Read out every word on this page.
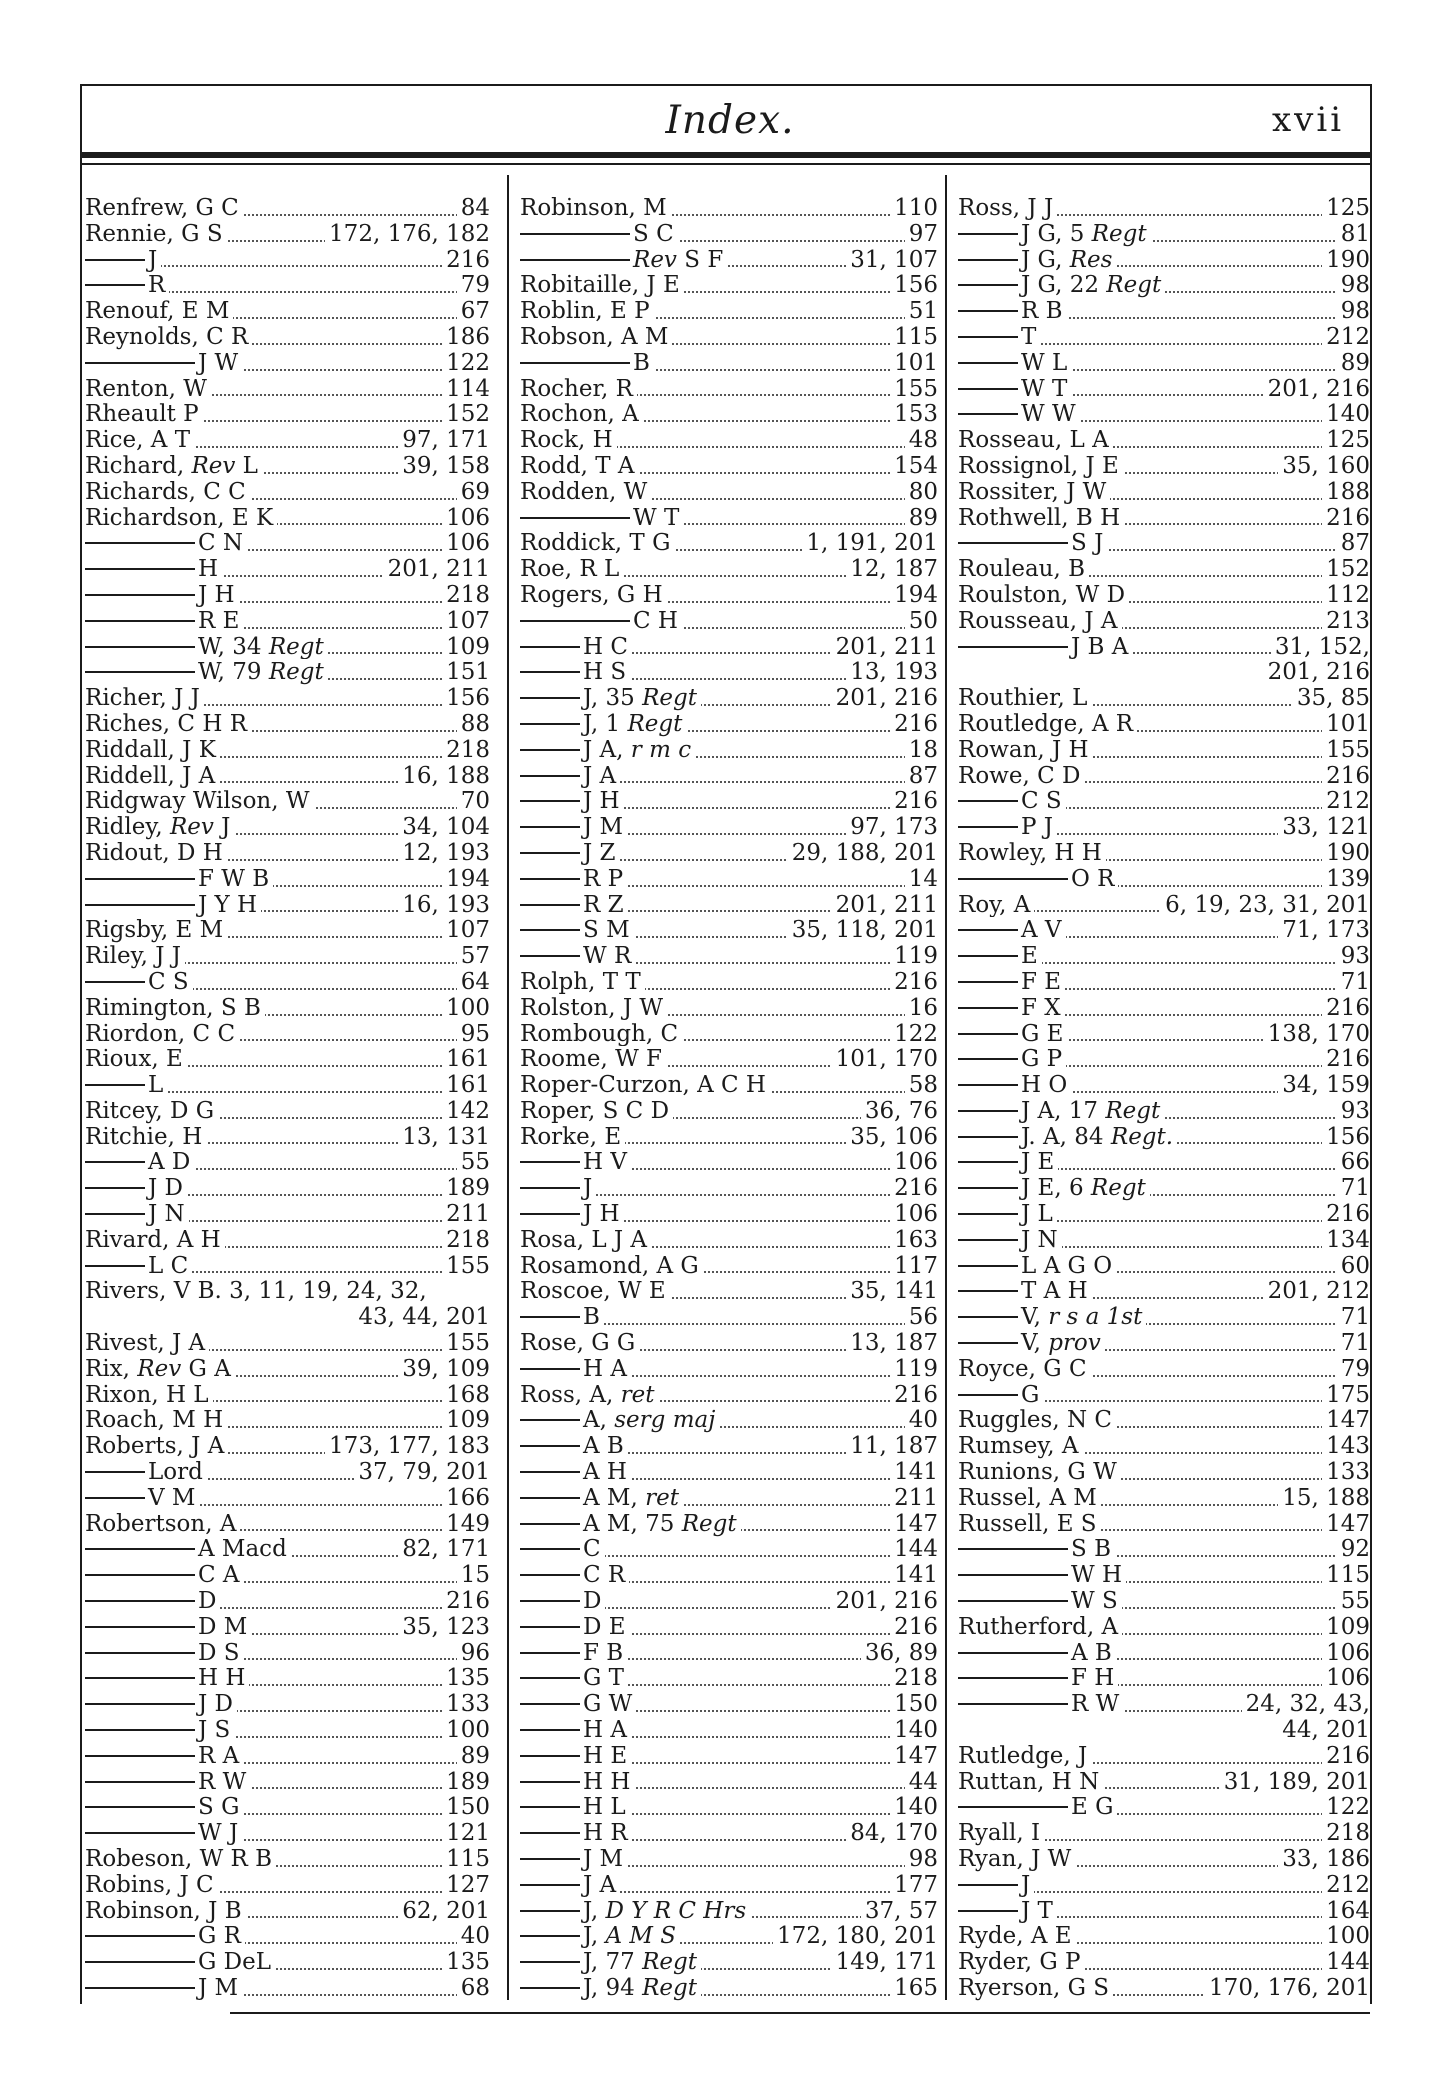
Index.	xvii
Renfrew, G C	84
Rennie, G S	172, 176, 182
J	216
R	79
Renouf, E M	67
Reynolds, C R	186
J W	122
Renton, W	114
Rheault P	152
Rice, A T	97, 171
Richard, Rev L	39, 158
Richards, C C	69
Richardson, E K	106
C N	106
H	201, 211
J H	218
R E	107
W, 34 Regt	109
W, 79 Regt	151
Richer, J J	156
Riches, C H R	88
Riddall, J K	218
Riddell, J A	16, 188
Ridgway Wilson, W	70
Ridley, Rev J	34, 104
Ridout, D H	12, 193
F W B	194
J Y H	16, 193
Rigsby, E M	107
Riley, J J	57
C S	64
Rimington, S B	100
Riordon, C C	95
Rioux, E	161
L	161
Ritcey, D G	142
Ritchie, H	13, 131
A D	55
J D	189
J N	211
Rivard, A H	218
L C	155
Rivers, V B. 3, 11, 19, 24, 32,
43, 44, 201
Rivest, J A	155
Rix, Rev G A	39, 109
Rixon, H L	168
Roach, M H	109
Roberts, J A	173, 177, 183
Lord	37, 79, 201
V M	166
Robertson, A	149
A Macd	82, 171
C A	15
D	216
D M	35, 123
D S	96
H H	135
J D	133
J S	100
R A	89
R W	189
S G	150
W J	121
Robeson, W R B	115
Robins, J C	127
Robinson, J B	62, 201
G R	40
G DeL	135
J M	68
Robinson, M	110
S C	97
Rev S F	31, 107
Robitaille, J E	156
Roblin, E P	51
Robson, A M	115
B	101
Rocher, R	155
Rochon, A	153
Rock, H	48
Rodd, T A	154
Rodden, W	80
W T	89
Roddick, T G	1, 191, 201
Roe, R L	12, 187
Rogers, G H	194
C H	50
H C	201, 211
H S	13, 193
J, 35 Regt	201, 216
J, 1 Regt	216
J A, r m c	18
J A	87
J H	216
J M	97, 173
J Z	29, 188, 201
R P	14
R Z	201, 211
S M	35, 118, 201
W R	119
Rolph, T T	216
Rolston, J W	16
Rombough, C	122
Roome, W F	101, 170
Roper-Curzon, A C H	58
Roper, S C D	36, 76
Rorke, E	35, 106
H V	106
J	216
J H	106
Rosa, L J A	163
Rosamond, A G	117
Roscoe, W E	35, 141
B	56
Rose, G G	13, 187
H A	119
Ross, A, ret	216
A, serg maj	40
A B	11, 187
A H	141
A M, ret	211
A M, 75 Regt	147
C	144
C R	141
D	201, 216
D E	216
F B	36, 89
G T	218
G W	150
H A	140
H E	147
H H	44
H L	140
H R	84, 170
J M	98
J A	177
J, D Y R C Hrs	37, 57
J, A M S	172, 180, 201
J, 77 Regt	149, 171
J, 94 Regt	165
Ross, J J	125
J G, 5 Regt	81
J G, Res	190
J G, 22 Regt	98
R B	98
T	212
W L	89
W T	201, 216
W W	140
Rosseau, L A	125
Rossignol, J E	35, 160
Rossiter, J W	188
Rothwell, B H	216
S J	87
Rouleau, B	152
Roulston, W D	112
Rousseau, J A	213
J B A	31, 152,
201, 216
Routhier, L	35, 85
Routledge, A R	101
Rowan, J H	155
Rowe, C D	216
C S	212
P J	33, 121
Rowley, H H	190
O R	139
Roy, A	6, 19, 23, 31, 201
A V	71, 173
E	93
F E	71
F X	216
G E	138, 170
G P	216
H O	34, 159
J A, 17 Regt	93
J. A, 84 Regt.	156
J E	66
J E, 6 Regt	71
J L	216
J N	134
L A G O	60
T A H	201, 212
V, r s a 1st	71
V, prov	71
Royce, G C	79
G	175
Ruggles, N C	147
Rumsey, A	143
Runions, G W	133
Russel, A M	15, 188
Russell, E S	147
S B	92
W H	115
W S	55
Rutherford, A	109
A B	106
F H	106
R W	24, 32, 43,
44, 201
Rutledge, J	216
Ruttan, H N	31, 189, 201
E G	122
Ryall, I	218
Ryan, J W	33, 186
J	212
J T	164
Ryde, A E	100
Ryder, G P	144
Ryerson, G S	170, 176, 201
